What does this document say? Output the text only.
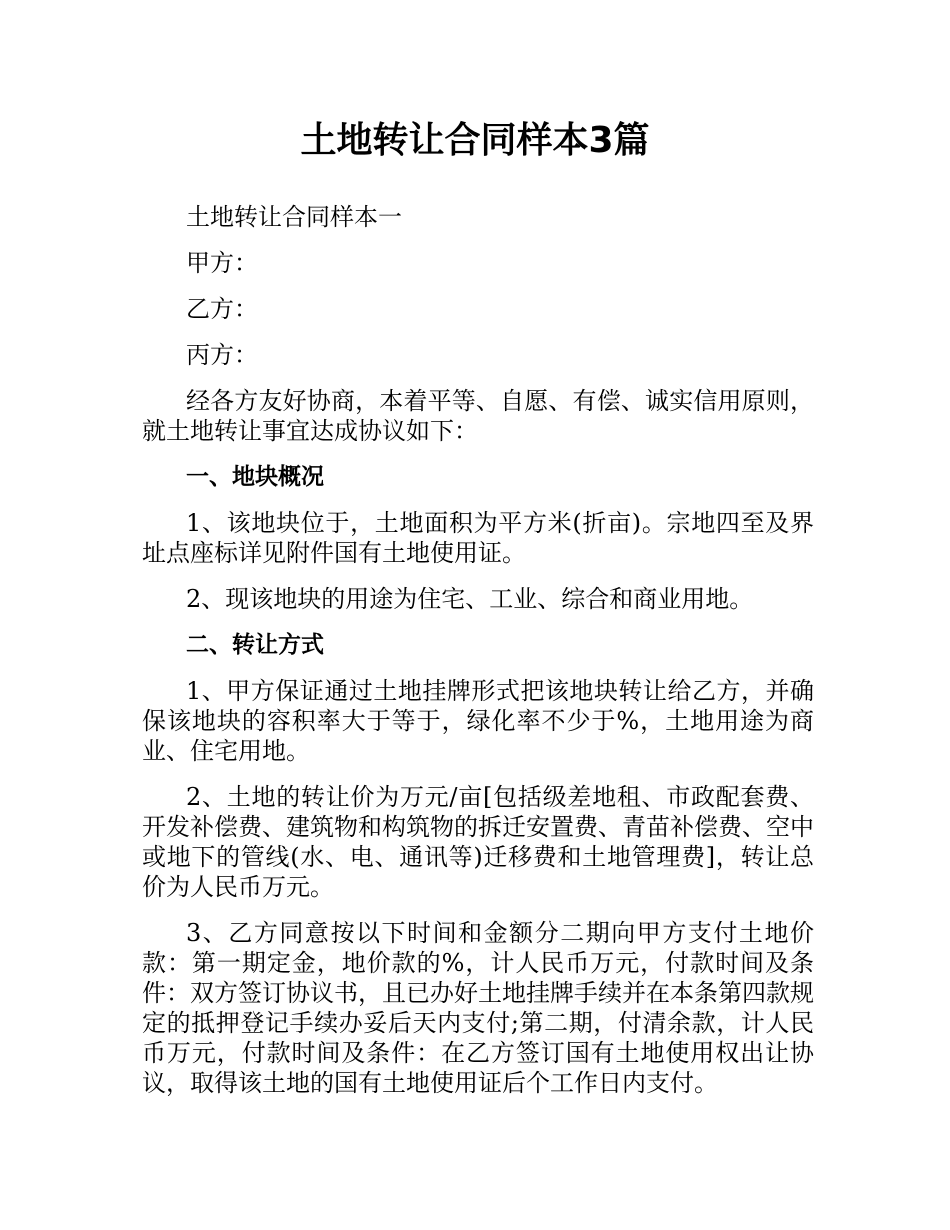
土地转让合同样本3篇

土地转让合同样本一

甲方：

乙方：

丙方：

经各方友好协商，本着平等、自愿、有偿、诚实信用原则，就土地转让事宜达成协议如下：

一、地块概况

1、该地块位于，土地面积为平方米(折亩)。宗地四至及界址点座标详见附件国有土地使用证。

2、现该地块的用途为住宅、工业、综合和商业用地。

二、转让方式

1、甲方保证通过土地挂牌形式把该地块转让给乙方，并确保该地块的容积率大于等于，绿化率不少于%，土地用途为商业、住宅用地。

2、土地的转让价为万元/亩[包括级差地租、市政配套费、开发补偿费、建筑物和构筑物的拆迁安置费、青苗补偿费、空中或地下的管线(水、电、通讯等)迁移费和土地管理费]，转让总价为人民币万元。

3、乙方同意按以下时间和金额分二期向甲方支付土地价款：第一期定金，地价款的%，计人民币万元，付款时间及条件：双方签订协议书，且已办好土地挂牌手续并在本条第四款规定的抵押登记手续办妥后天内支付;第二期，付清余款，计人民币万元，付款时间及条件：在乙方签订国有土地使用权出让协议，取得该土地的国有土地使用证后个工作日内支付。
